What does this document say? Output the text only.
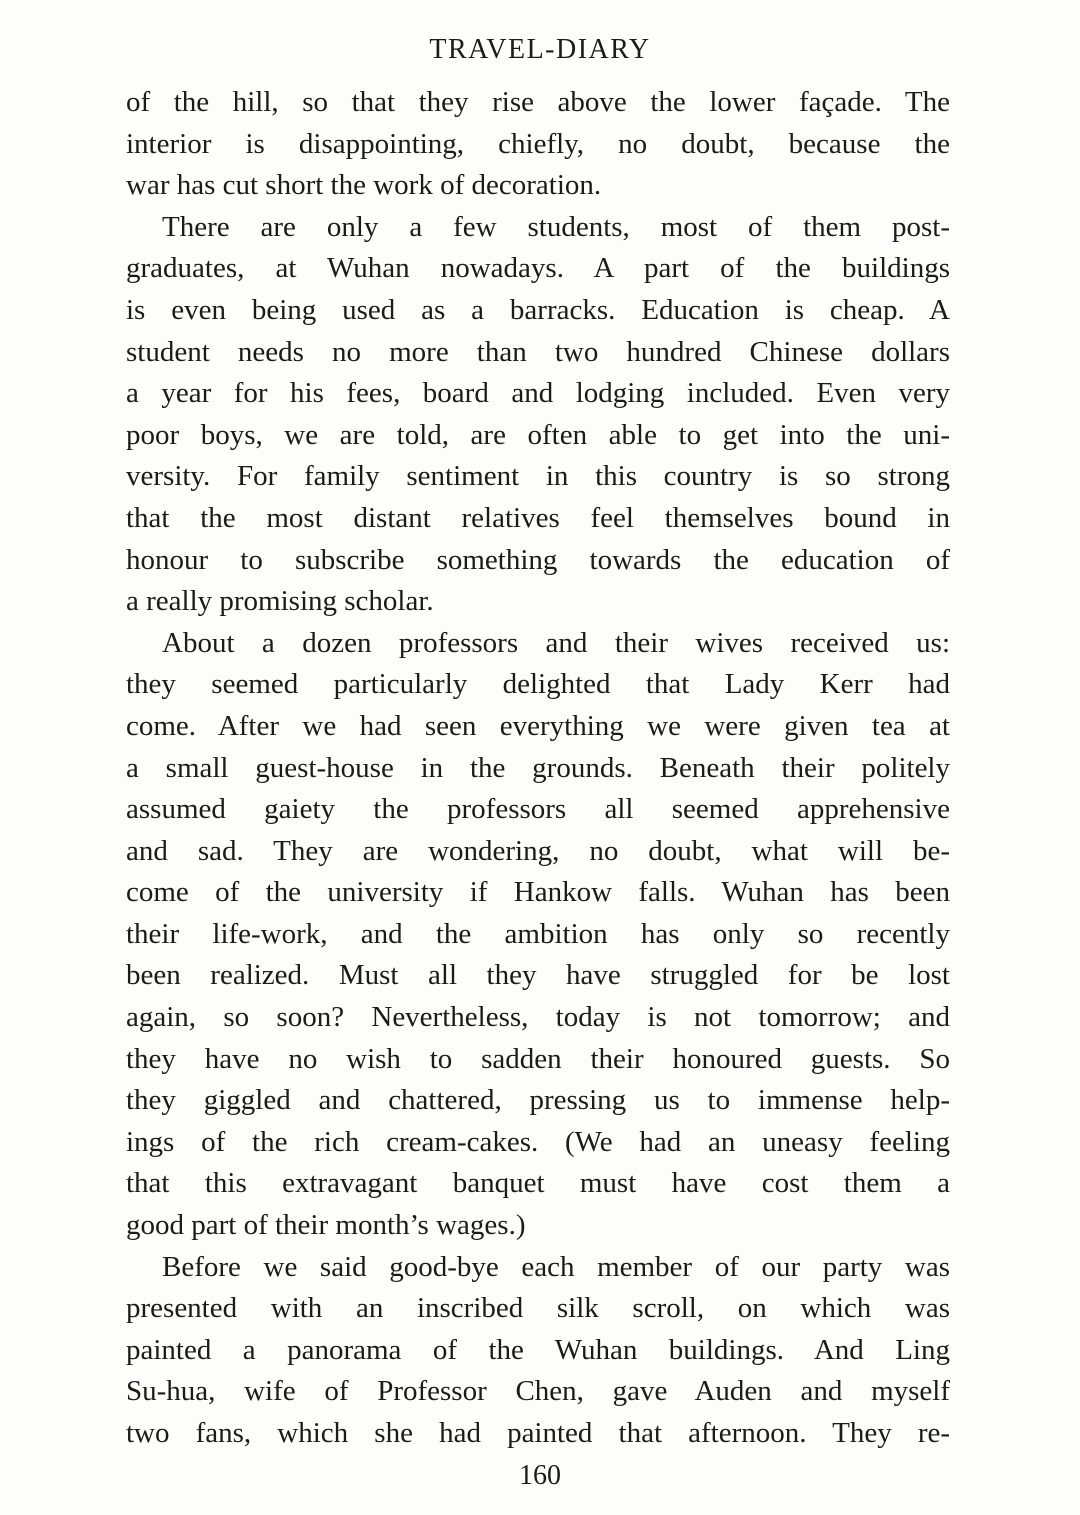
TRAVEL-DIARY
of the hill, so that they rise above the lower façade. The
interior is disappointing, chiefly, no doubt, because the
war has cut short the work of decoration.
There are only a few students, most of them post-
graduates, at Wuhan nowadays. A part of the buildings
is even being used as a barracks. Education is cheap. A
student needs no more than two hundred Chinese dollars
a year for his fees, board and lodging included. Even very
poor boys, we are told, are often able to get into the uni-
versity. For family sentiment in this country is so strong
that the most distant relatives feel themselves bound in
honour to subscribe something towards the education of
a really promising scholar.
About a dozen professors and their wives received us:
they seemed particularly delighted that Lady Kerr had
come. After we had seen everything we were given tea at
a small guest-house in the grounds. Beneath their politely
assumed gaiety the professors all seemed apprehensive
and sad. They are wondering, no doubt, what will be-
come of the university if Hankow falls. Wuhan has been
their life-work, and the ambition has only so recently
been realized. Must all they have struggled for be lost
again, so soon? Nevertheless, today is not tomorrow; and
they have no wish to sadden their honoured guests. So
they giggled and chattered, pressing us to immense help-
ings of the rich cream-cakes. (We had an uneasy feeling
that this extravagant banquet must have cost them a
good part of their month’s wages.)
Before we said good-bye each member of our party was
presented with an inscribed silk scroll, on which was
painted a panorama of the Wuhan buildings. And Ling
Su-hua, wife of Professor Chen, gave Auden and myself
two fans, which she had painted that afternoon. They re-
160
